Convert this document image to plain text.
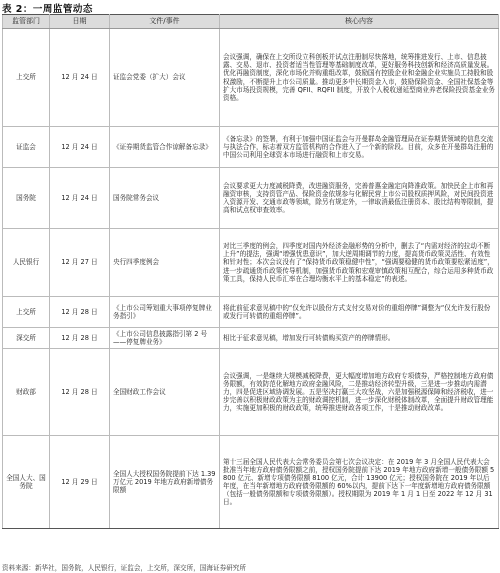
表 2：一周监管动态
监管部门	日期	文件/事件	核心内容
上交所	12 月 24 日	证监会党委（扩大）会议	会议强调，确保在上交所设立科创板并试点注册制尽快落地，统筹推进发行、上市、信息披露、交易、退市、投资者适当性管理等基础制度改革，更好服务科技创新和经济高质量发展。优化再融资制度，深化市场化并购重组改革，鼓励国有控股企业和金融企业实施员工持股和股权激励，不断提升上市公司质量。推动更多中长期资金入市，鼓励保险资金、全国社保基金等扩大市场投资规模，完善 QFII、RQFII 制度，开放个人税收递延型商业养老保险投资基金业务资格。
证监会	12 月 24 日	《证券期货监管合作谅解备忘录》	《备忘录》的签署，有利于加强中国证监会与开曼群岛金融管理局在证券期货领域的信息交流与执法合作，标志着双方监管机构的合作进入了一个新的阶段。目前，众多在开曼群岛注册的中国公司利用全球资本市场进行融资和上市交易。
国务院	12 月 24 日	国务院常务会议	会议要求更大力度减税降费，改进融资服务，完善普惠金融定向降准政策。加快民企上市和再融资审核，支持资管产品、保险资金依规参与化解民营上市公司股权质押风险，对民间投资进入资源开发、交通市政等领域，除另有规定外，一律取消最低注册资本、股比结构等限制，提高和试点权审查效率。
人民银行	12 月 27 日	央行四季度例会	对比三季度的例会，四季度对国内外经济金融形势的分析中，删去了“内需对经济的拉动不断上升”的提法，强调“增强忧患意识”，加大逆周期调节的力度，提高货币政策灵活性、有效性和针对性；本次会议没有了“保持货币政策稳健中性”，“强调要稳健的货币政策要松紧适度”，进一步疏通货币政策传导机制，加强货币政策和宏观审慎政策相互配合，综合运用多种货币政策工具，保持人民币汇率在合理均衡水平上的基本稳定”的表述。
上交所	12 月 28 日	《上市公司筹划重大事项停复牌业务指引》	将此前征求意见稿中的“仅允许以股份方式支付交易对价的重组停牌”调整为“仅允许发行股份或发行可转债的重组停牌”。
深交所	12 月 28 日	《上市公司信息披露指引第 2 号——停复牌业务》	相比于征求意见稿，增加发行可转债购买资产的停牌情形。
财政部	12 月 28 日	全国财政工作会议	会议强调，一是继续大规模减税降费，更大幅度增加地方政府专项债券，严格控制地方政府债务限额，有效防范化解地方政府金融风险，二是推动经济转型升级，三是进一步推动内需潜力，四是促进区域协调发展。五是坚决打赢三大攻坚战，六是加强税源保障和经济税收，进一步完善以积极财政政策为主的财政调控机制，进一步深化财税体制改革，全面提升财政管理能力，实施更加积极的财政政策，统筹推进财政各项工作，十是推动财政改革。
全国人大、国务院	12 月 29 日	全国人大授权国务院提前下达 1.39 万亿元 2019 年地方政府新增债务限额	第十三届全国人民代表大会常务委员会第七次会议决定：在 2019 年 3 月全国人民代表大会批准当年地方政府债务限额之前，授权国务院提前下达 2019 年地方政府新增一般债务限额 5800 亿元、新增专项债务限额 8100 亿元，合计 13900 亿元；授权国务院在 2019 年以后年度，在当年新增地方政府债务限额的 60%以内，提前下达下一年度新增地方政府债务限额（包括一般债务限额和专项债务限额）。授权期限为 2019 年 1 月 1 日至 2022 年 12 月 31 日。
资料来源：新华社，国务院，人民银行，证监会，上交所，深交所，国海证券研究所
